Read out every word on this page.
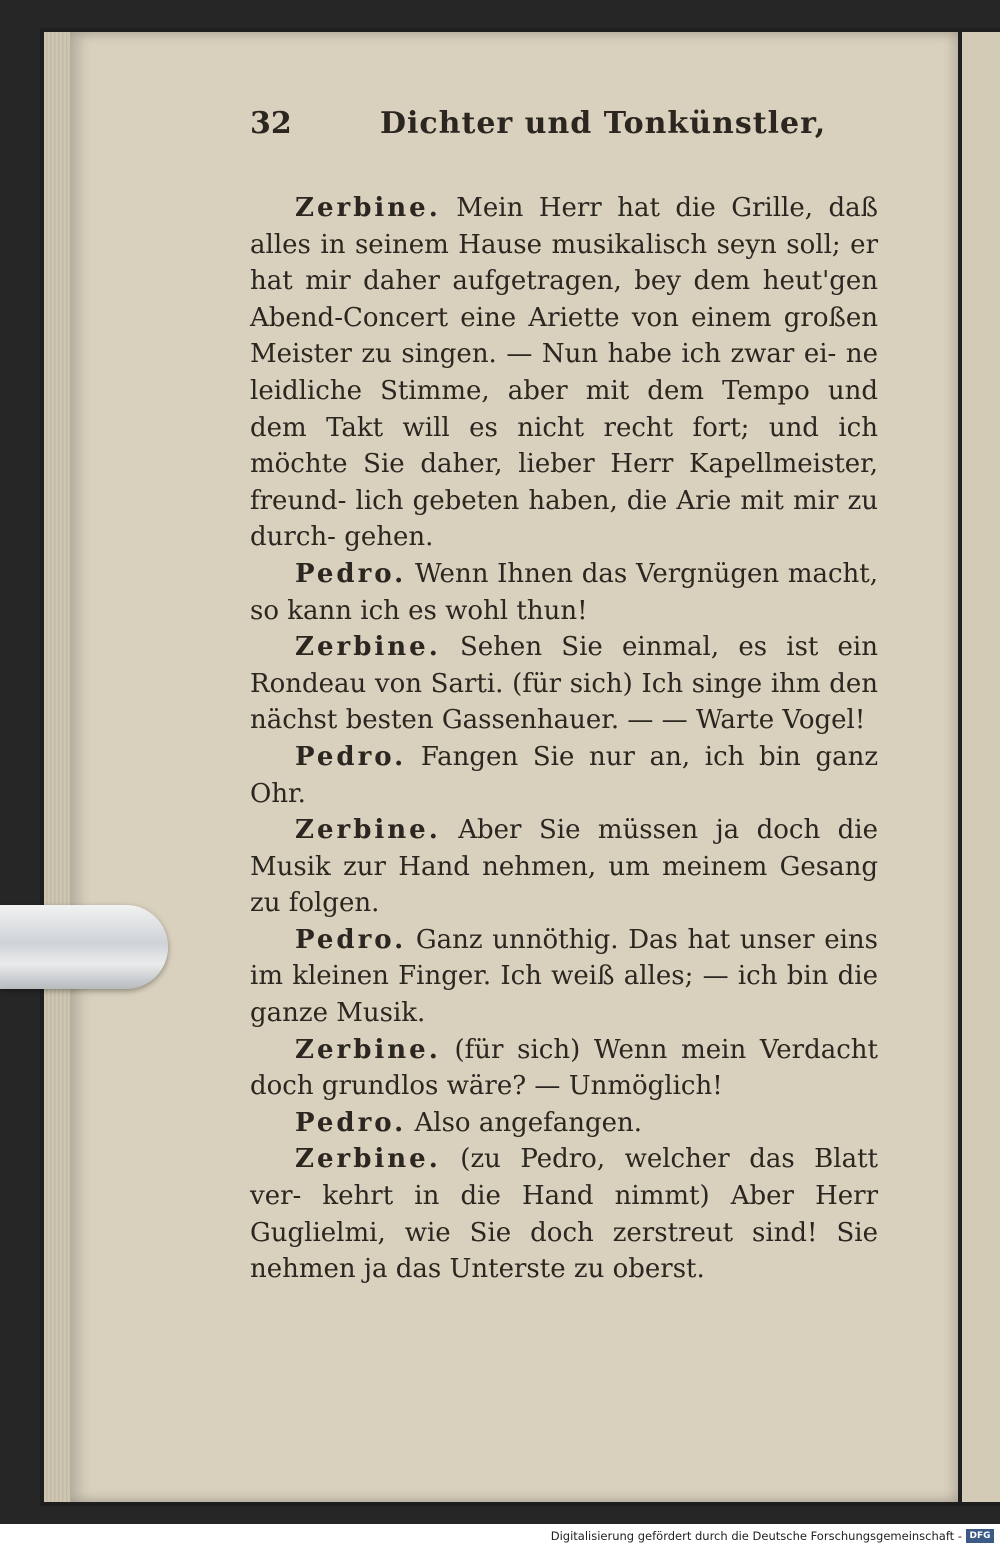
32	Dichter und Tonkünstler,

Zerbine. Mein Herr hat die Grille, daß alles in seinem Hause musikalisch seyn soll; er hat mir daher aufgetragen, bey dem heut'gen Abend-Concert eine Ariette von einem großen Meister zu singen. — Nun habe ich zwar ei- ne leidliche Stimme, aber mit dem Tempo und dem Takt will es nicht recht fort; und ich möchte Sie daher, lieber Herr Kapellmeister, freund- lich gebeten haben, die Arie mit mir zu durch- gehen.

Pedro. Wenn Ihnen das Vergnügen macht, so kann ich es wohl thun!

Zerbine. Sehen Sie einmal, es ist ein Rondeau von Sarti. (für sich) Ich singe ihm den nächst besten Gassenhauer. — — Warte Vogel!

Pedro. Fangen Sie nur an, ich bin ganz Ohr.

Zerbine. Aber Sie müssen ja doch die Musik zur Hand nehmen, um meinem Gesang zu folgen.

Pedro. Ganz unnöthig. Das hat unser eins im kleinen Finger. Ich weiß alles; — ich bin die ganze Musik.

Zerbine. (für sich) Wenn mein Verdacht doch grundlos wäre? — Unmöglich!

Pedro. Also angefangen.

Zerbine. (zu Pedro, welcher das Blatt ver- kehrt in die Hand nimmt) Aber Herr Guglielmi, wie Sie doch zerstreut sind! Sie nehmen ja das Unterste zu oberst.

Digitalisierung gefördert durch die Deutsche Forschungsgemeinschaft - DFG
